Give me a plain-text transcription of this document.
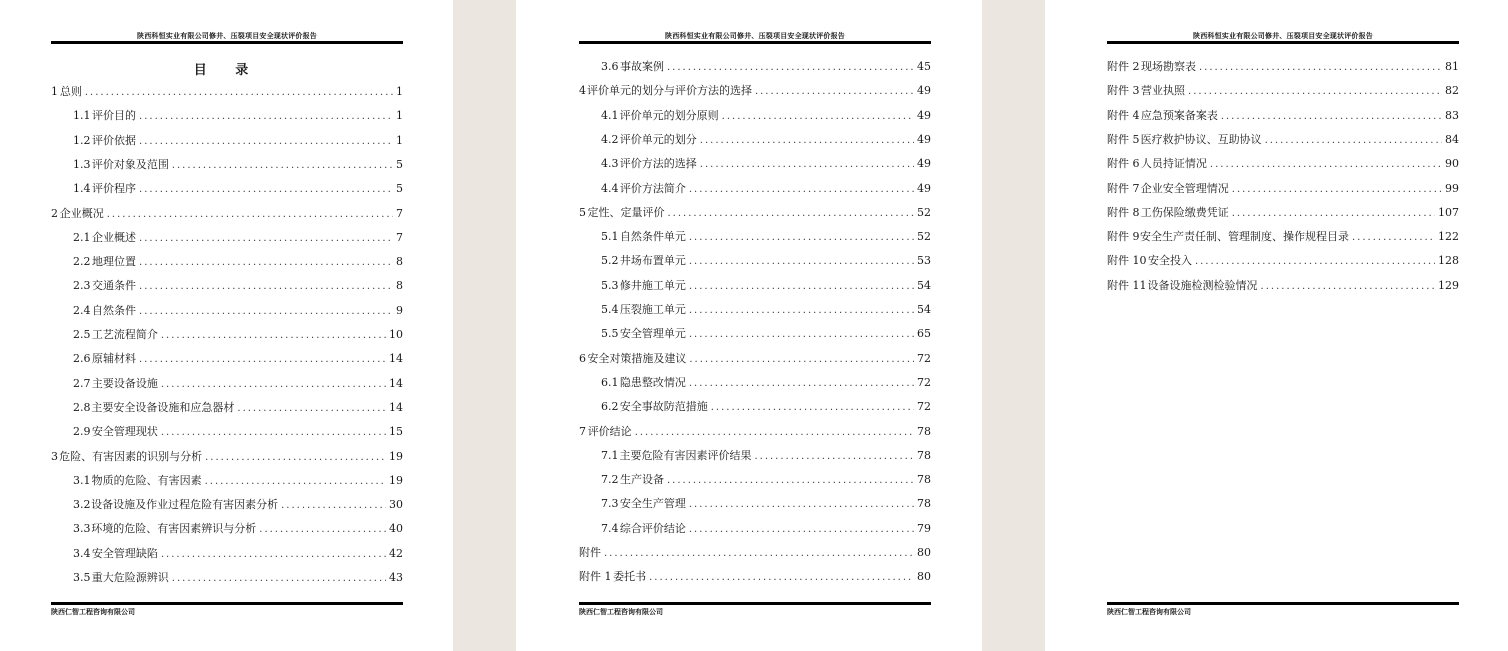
陕西科恒实业有限公司修井、压裂项目安全现状评价报告
目 录
1 总则 .....	1
1.1 评价目的 .....	1
1.2 评价依据 .....	1
1.3 评价对象及范围 .....	5
1.4 评价程序 .....	5
2 企业概况 .....	7
2.1 企业概述 .....	7
2.2 地理位置 .....	8
2.3 交通条件 .....	8
2.4 自然条件 .....	9
2.5 工艺流程简介 .....	10
2.6 原辅材料 .....	14
2.7 主要设备设施 .....	14
2.8 主要安全设备设施和应急器材 .....	14
2.9 安全管理现状 .....	15
3 危险、有害因素的识别与分析 .....	19
3.1 物质的危险、有害因素 .....	19
3.2 设备设施及作业过程危险有害因素分析 .....	30
3.3 环境的危险、有害因素辨识与分析 .....	40
3.4 安全管理缺陷 .....	42
3.5 重大危险源辨识 .....	43
陕西仁智工程咨询有限公司
陕西科恒实业有限公司修井、压裂项目安全现状评价报告
3.6 事故案例 .....	45
4 评价单元的划分与评价方法的选择 .....	49
4.1 评价单元的划分原则 .....	49
4.2 评价单元的划分 .....	49
4.3 评价方法的选择 .....	49
4.4 评价方法简介 .....	49
5 定性、定量评价 .....	52
5.1 自然条件单元 .....	52
5.2 井场布置单元 .....	53
5.3 修井施工单元 .....	54
5.4 压裂施工单元 .....	54
5.5 安全管理单元 .....	65
6 安全对策措施及建议 .....	72
6.1 隐患整改情况 .....	72
6.2 安全事故防范措施 .....	72
7 评价结论 .....	78
7.1 主要危险有害因素评价结果 .....	78
7.2 生产设备 .....	78
7.3 安全生产管理 .....	78
7.4 综合评价结论 .....	79
附件 .....	80
附件 1 委托书 .....	80
陕西仁智工程咨询有限公司
陕西科恒实业有限公司修井、压裂项目安全现状评价报告
附件 2 现场勘察表 .....	81
附件 3 营业执照 .....	82
附件 4 应急预案备案表 .....	83
附件 5 医疗救护协议、互助协议 .....	84
附件 6 人员持证情况 .....	90
附件 7 企业安全管理情况 .....	99
附件 8 工伤保险缴费凭证 .....	107
附件 9 安全生产责任制、管理制度、操作规程目录 .....	122
附件 10 安全投入 .....	128
附件 11 设备设施检测检验情况 .....	129
陕西仁智工程咨询有限公司
